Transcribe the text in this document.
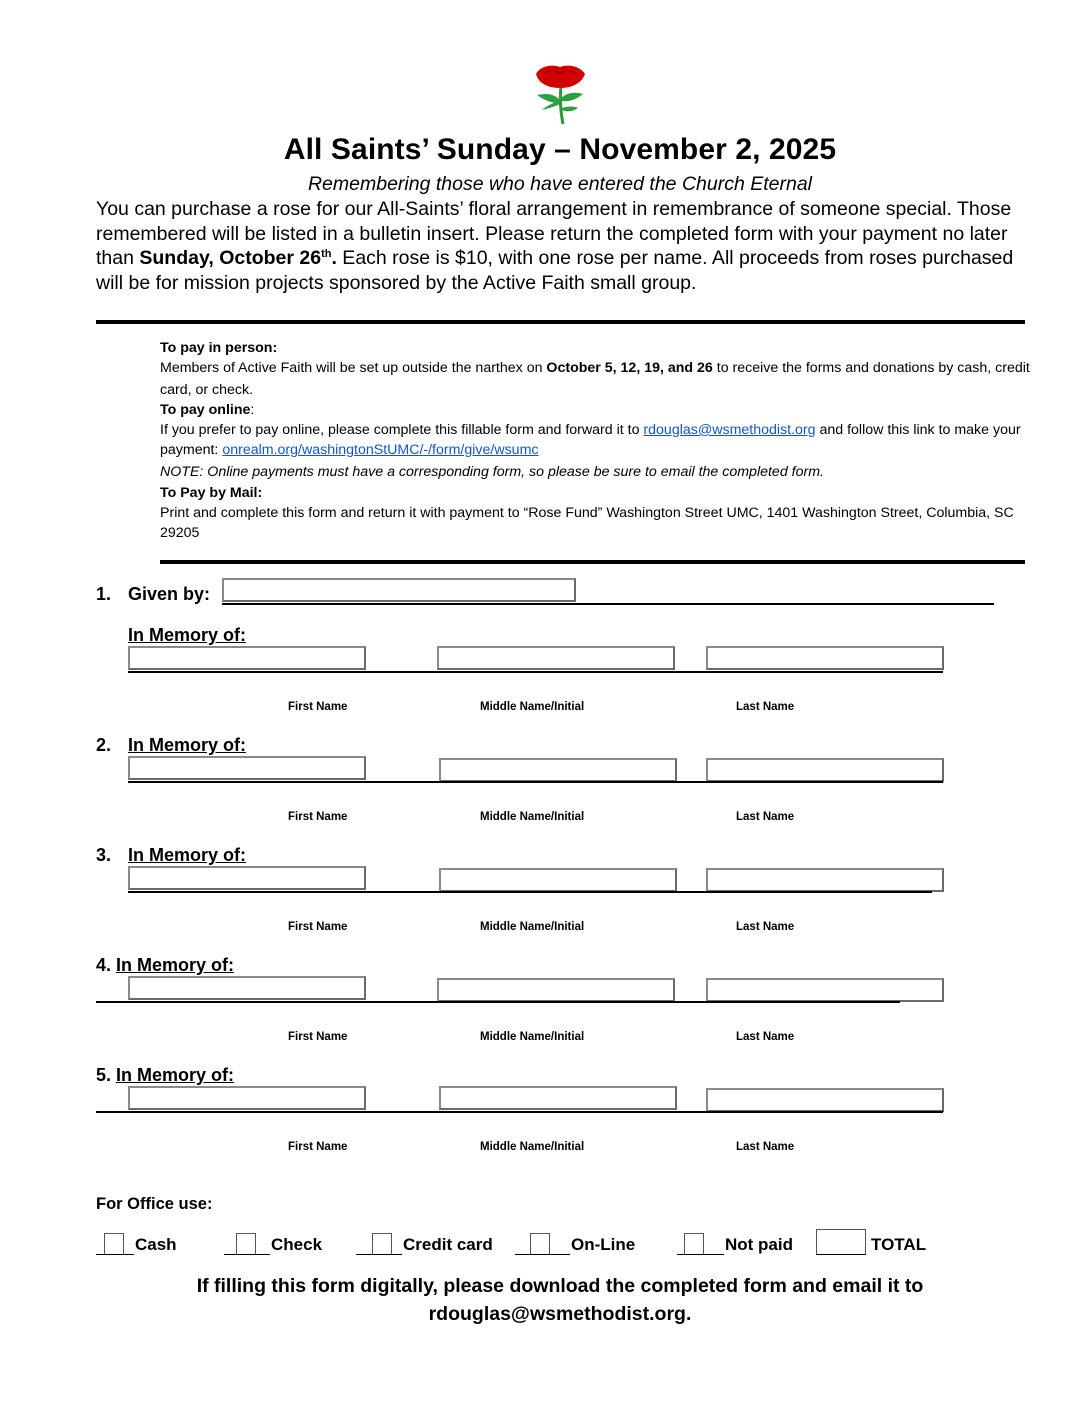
All Saints’ Sunday – November 2, 2025
Remembering those who have entered the Church Eternal
You can purchase a rose for our All-Saints’ floral arrangement in remembrance of someone special. Those remembered will be listed in a bulletin insert. Please return the completed form with your payment no later than Sunday, October 26th. Each rose is $10, with one rose per name. All proceeds from roses purchased will be for mission projects sponsored by the Active Faith small group.
To pay in person:
Members of Active Faith will be set up outside the narthex on October 5, 12, 19, and 26 to receive the forms and donations by cash, credit card, or check.
To pay online:
If you prefer to pay online, please complete this fillable form and forward it to rdouglas@wsmethodist.org and follow this link to make your payment: onrealm.org/washingtonStUMC/-/form/give/wsumc
NOTE: Online payments must have a corresponding form, so please be sure to email the completed form.
To Pay by Mail:
Print and complete this form and return it with payment to “Rose Fund” Washington Street UMC, 1401 Washington Street, Columbia, SC 29205
1. Given by:
In Memory of:
First Name	Middle Name/Initial	Last Name
2. In Memory of:
First Name	Middle Name/Initial	Last Name
3. In Memory of:
First Name	Middle Name/Initial	Last Name
4. In Memory of:
First Name	Middle Name/Initial	Last Name
5. In Memory of:
First Name	Middle Name/Initial	Last Name
For Office use:
Cash	Check	Credit card	On-Line	Not paid	TOTAL
If filling this form digitally, please download the completed form and email it to
rdouglas@wsmethodist.org.
